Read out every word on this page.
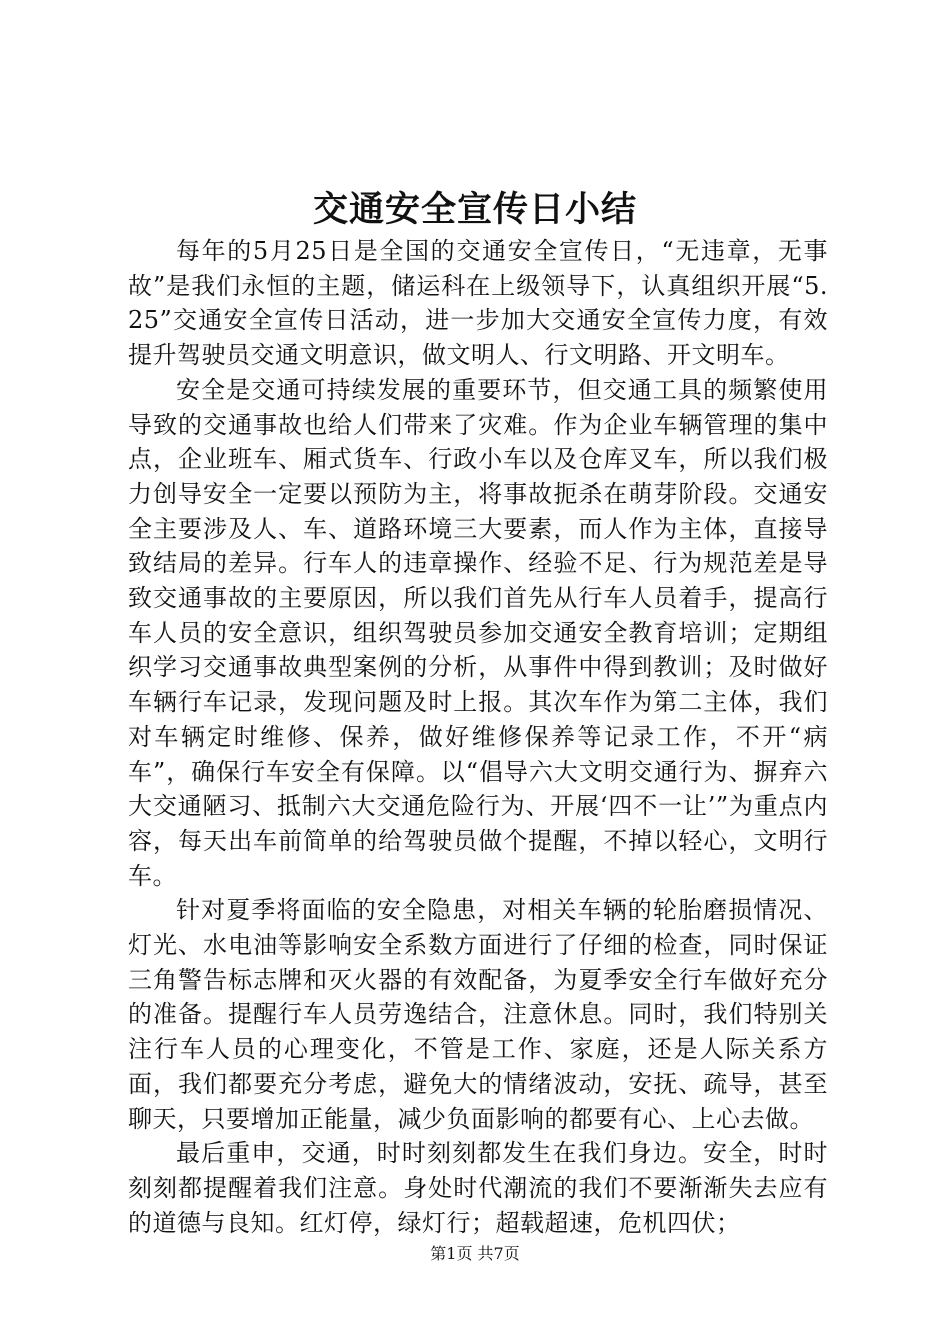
交通安全宣传日小结

每年的5月25日是全国的交通安全宣传日，“无违章，无事故”是我们永恒的主题，储运科在上级领导下，认真组织开展“5.25”交通安全宣传日活动，进一步加大交通安全宣传力度，有效提升驾驶员交通文明意识，做文明人、行文明路、开文明车。

安全是交通可持续发展的重要环节，但交通工具的频繁使用导致的交通事故也给人们带来了灾难。作为企业车辆管理的集中点，企业班车、厢式货车、行政小车以及仓库叉车，所以我们极力创导安全一定要以预防为主，将事故扼杀在萌芽阶段。交通安全主要涉及人、车、道路环境三大要素，而人作为主体，直接导致结局的差异。行车人的违章操作、经验不足、行为规范差是导致交通事故的主要原因，所以我们首先从行车人员着手，提高行车人员的安全意识，组织驾驶员参加交通安全教育培训；定期组织学习交通事故典型案例的分析，从事件中得到教训；及时做好车辆行车记录，发现问题及时上报。其次车作为第二主体，我们对车辆定时维修、保养，做好维修保养等记录工作，不开“病车”，确保行车安全有保障。以“倡导六大文明交通行为、摒弃六大交通陋习、抵制六大交通危险行为、开展‘四不一让’”为重点内容，每天出车前简单的给驾驶员做个提醒，不掉以轻心，文明行车。

针对夏季将面临的安全隐患，对相关车辆的轮胎磨损情况、灯光、水电油等影响安全系数方面进行了仔细的检查，同时保证三角警告标志牌和灭火器的有效配备，为夏季安全行车做好充分的准备。提醒行车人员劳逸结合，注意休息。同时，我们特别关注行车人员的心理变化，不管是工作、家庭，还是人际关系方面，我们都要充分考虑，避免大的情绪波动，安抚、疏导，甚至聊天，只要增加正能量，减少负面影响的都要有心、上心去做。

最后重申，交通，时时刻刻都发生在我们身边。安全，时时刻刻都提醒着我们注意。身处时代潮流的我们不要渐渐失去应有的道德与良知。红灯停，绿灯行；超载超速，危机四伏；

第1页 共7页
